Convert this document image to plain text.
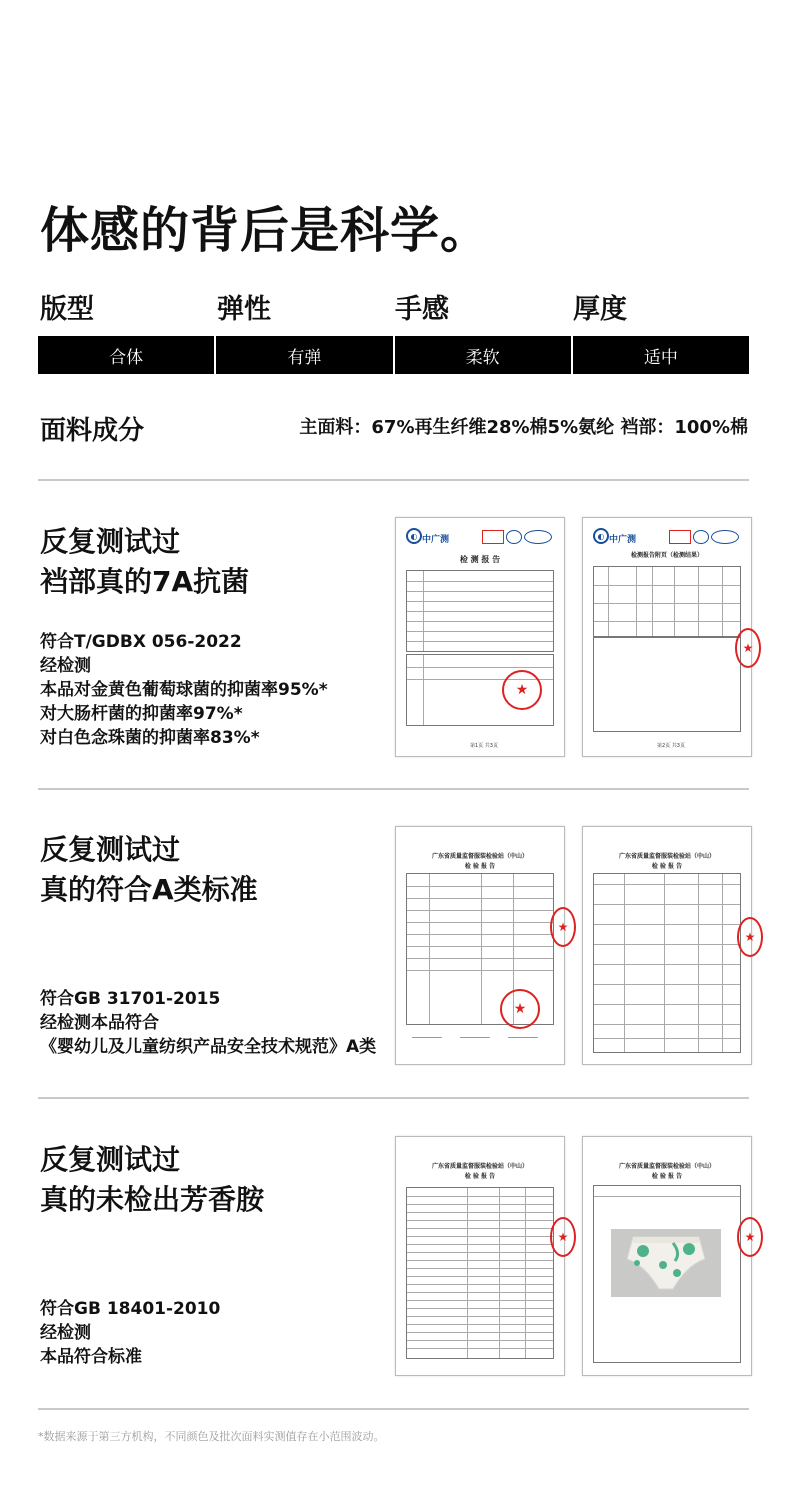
体感的背后是科学。
版型	弹性	手感	厚度
合体	有弹	柔软	适中
面料成分	主面料：67%再生纤维28%棉5%氨纶 裆部：100%棉
反复测试过
裆部真的7A抗菌
符合T/GDBX 056-2022
经检测
本品对金黄色葡萄球菌的抑菌率95%*
对大肠杆菌的抑菌率97%*
对白色念珠菌的抑菌率83%*
中广测
◐
检 测 报 告
★
第1页 共3页
◐ 中广测
检测报告附页（检测结果）
★
第2页 共3页
反复测试过
真的符合A类标准
符合GB 31701-2015
经检测本品符合
《婴幼儿及儿童纺织产品安全技术规范》A类
广东省质量监督服装检验站（中山）
检 验 报 告
★
★
广东省质量监督服装检验站（中山）
检 验 报 告
★
反复测试过
真的未检出芳香胺
符合GB 18401-2010
经检测
本品符合标准
广东省质量监督服装检验站（中山）
检 验 报 告
★
广东省质量监督服装检验站（中山）
检 验 报 告
★
*数据来源于第三方机构，不同颜色及批次面料实测值存在小范围波动。
